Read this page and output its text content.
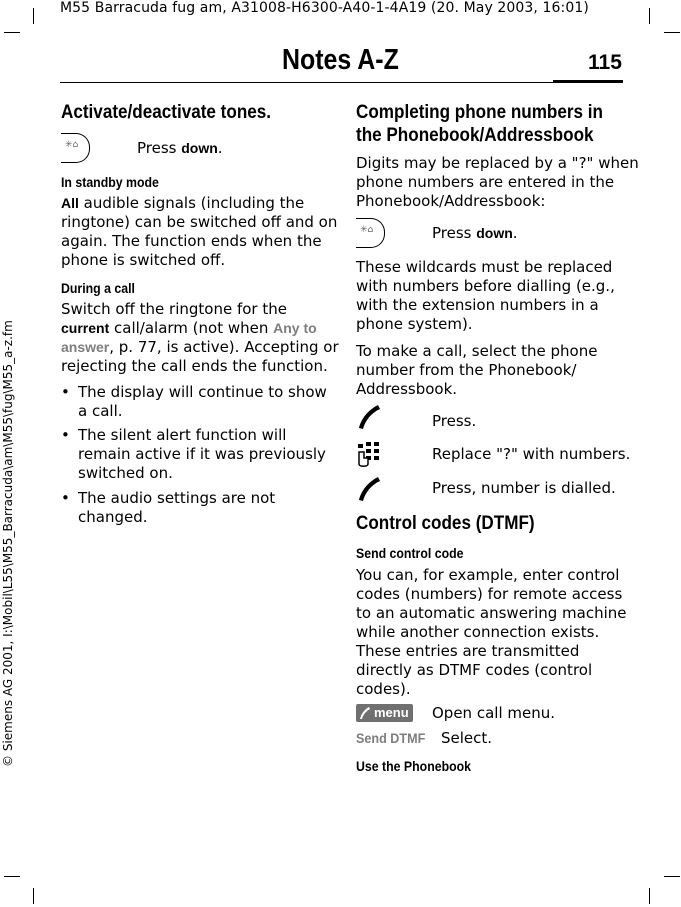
M55 Barracuda fug am, A31008-H6300-A40-1-4A19 (20. May 2003, 16:01)
Notes A-Z	115
© Siemens AG 2001, I:\Mobil\L55\M55_Barracuda\am\M55\fug\M55_a-z.fm
Activate/deactivate tones.
✳︎⌂	Press down.
In standby mode
All audible signals (including the
ringtone) can be switched off and on
again. The function ends when the
phone is switched off.
During a call
Switch off the ringtone for the
current call/alarm (not when Any to
answer, p. 77, is active). Accepting or
rejecting the call ends the function.
• The display will continue to show
a call.
• The silent alert function will
remain active if it was previously
switched on.
• The audio settings are not
changed.
Completing phone numbers in
the Phonebook/Addressbook
Digits may be replaced by a "?" when
phone numbers are entered in the
Phonebook/Addressbook:
✳︎⌂	Press down.
These wildcards must be replaced
with numbers before dialling (e.g.,
with the extension numbers in a
phone system).
To make a call, select the phone
number from the Phonebook/
Addressbook.
Press.
Replace "?" with numbers.
Press, number is dialled.
Control codes (DTMF)
Send control code
You can, for example, enter control
codes (numbers) for remote access
to an automatic answering machine
while another connection exists.
These entries are transmitted
directly as DTMF codes (control
codes).
menu Open call menu.
Send DTMF Select.
Use the Phonebook
